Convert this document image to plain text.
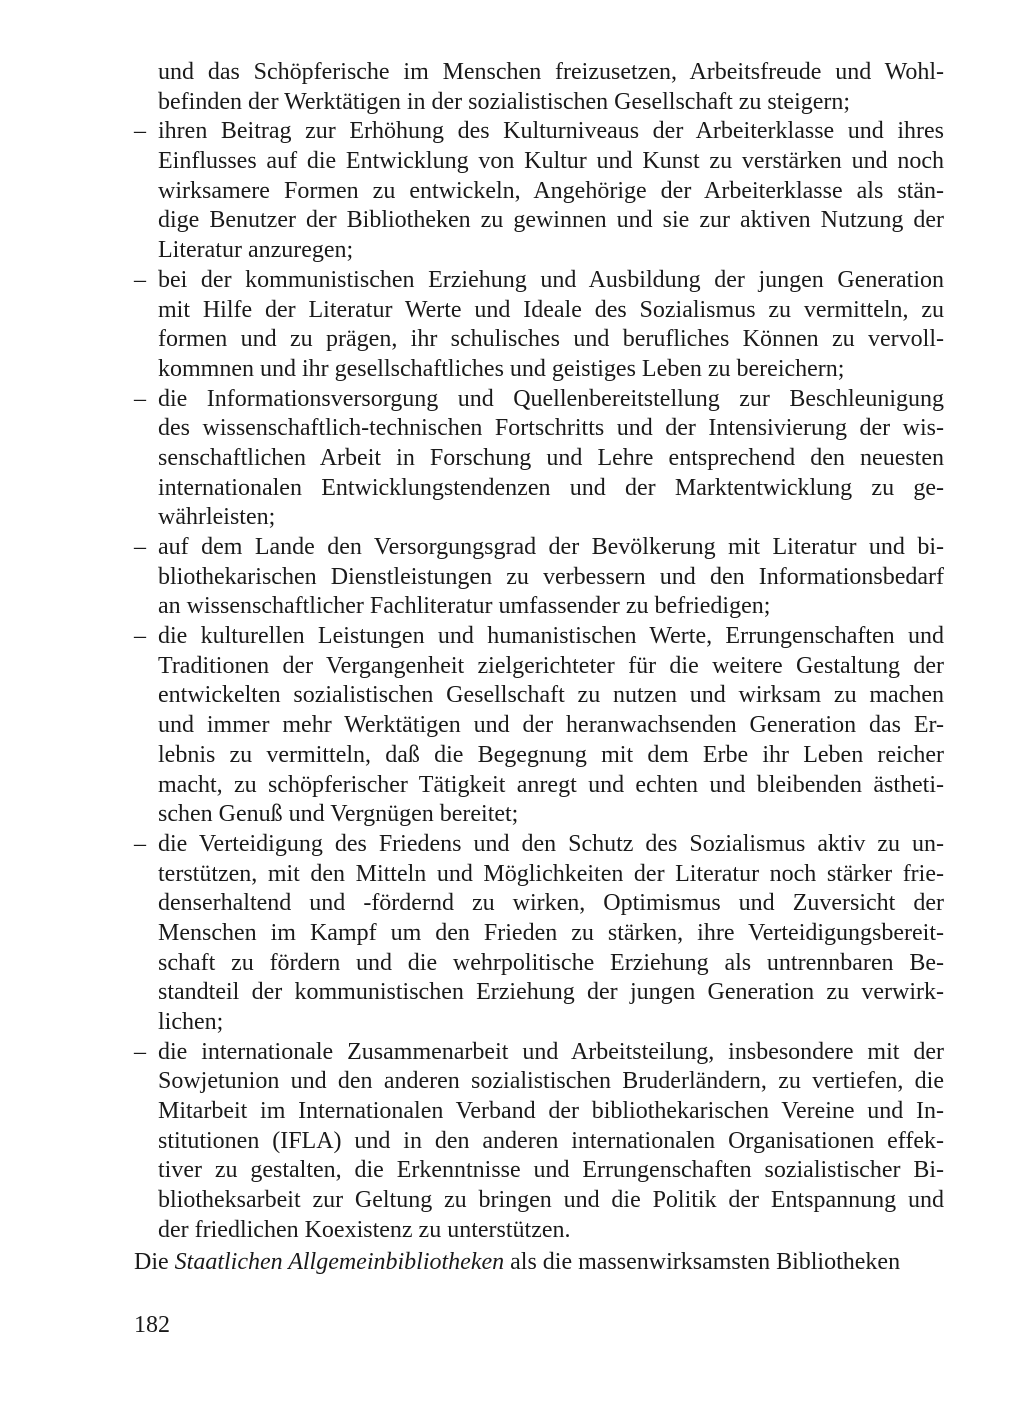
und das Schöpferische im Menschen freizusetzen, Arbeitsfreude und Wohl-
befinden der Werktätigen in der sozialistischen Gesellschaft zu steigern;
– ihren Beitrag zur Erhöhung des Kulturniveaus der Arbeiterklasse und ihres
Einflusses auf die Entwicklung von Kultur und Kunst zu verstärken und noch
wirksamere Formen zu entwickeln, Angehörige der Arbeiterklasse als stän-
dige Benutzer der Bibliotheken zu gewinnen und sie zur aktiven Nutzung der
Literatur anzuregen;
– bei der kommunistischen Erziehung und Ausbildung der jungen Generation
mit Hilfe der Literatur Werte und Ideale des Sozialismus zu vermitteln, zu
formen und zu prägen, ihr schulisches und berufliches Können zu vervoll-
kommnen und ihr gesellschaftliches und geistiges Leben zu bereichern;
– die Informationsversorgung und Quellenbereitstellung zur Beschleunigung
des wissenschaftlich-technischen Fortschritts und der Intensivierung der wis-
senschaftlichen Arbeit in Forschung und Lehre entsprechend den neuesten
internationalen Entwicklungstendenzen und der Marktentwicklung zu ge-
währleisten;
– auf dem Lande den Versorgungsgrad der Bevölkerung mit Literatur und bi-
bliothekarischen Dienstleistungen zu verbessern und den Informationsbedarf
an wissenschaftlicher Fachliteratur umfassender zu befriedigen;
– die kulturellen Leistungen und humanistischen Werte, Errungenschaften und
Traditionen der Vergangenheit zielgerichteter für die weitere Gestaltung der
entwickelten sozialistischen Gesellschaft zu nutzen und wirksam zu machen
und immer mehr Werktätigen und der heranwachsenden Generation das Er-
lebnis zu vermitteln, daß die Begegnung mit dem Erbe ihr Leben reicher
macht, zu schöpferischer Tätigkeit anregt und echten und bleibenden ästheti-
schen Genuß und Vergnügen bereitet;
– die Verteidigung des Friedens und den Schutz des Sozialismus aktiv zu un-
terstützen, mit den Mitteln und Möglichkeiten der Literatur noch stärker frie-
denserhaltend und -fördernd zu wirken, Optimismus und Zuversicht der
Menschen im Kampf um den Frieden zu stärken, ihre Verteidigungsbereit-
schaft zu fördern und die wehrpolitische Erziehung als untrennbaren Be-
standteil der kommunistischen Erziehung der jungen Generation zu verwirk-
lichen;
– die internationale Zusammenarbeit und Arbeitsteilung, insbesondere mit der
Sowjetunion und den anderen sozialistischen Bruderländern, zu vertiefen, die
Mitarbeit im Internationalen Verband der bibliothekarischen Vereine und In-
stitutionen (IFLA) und in den anderen internationalen Organisationen effek-
tiver zu gestalten, die Erkenntnisse und Errungenschaften sozialistischer Bi-
bliotheksarbeit zur Geltung zu bringen und die Politik der Entspannung und
der friedlichen Koexistenz zu unterstützen.
Die Staatlichen Allgemeinbibliotheken als die massenwirksamsten Bibliotheken
182
